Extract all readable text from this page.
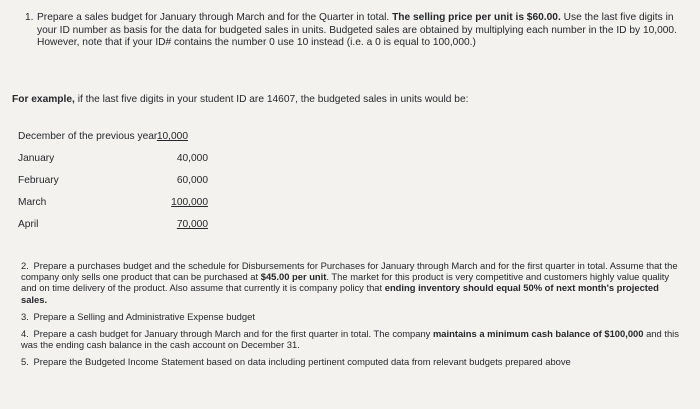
1. Prepare a sales budget for January through March and for the Quarter in total. The selling price per unit is $60.00. Use the last five digits in your ID number as basis for the data for budgeted sales in units. Budgeted sales are obtained by multiplying each number in the ID by 10,000. However, note that if your ID# contains the number 0 use 10 instead (i.e. a 0 is equal to 100,000.)
For example, if the last five digits in your student ID are 14607, the budgeted sales in units would be:
December of the previous year 10,000
January	40,000
February	60,000
March	100,000
April	70,000
2. Prepare a purchases budget and the schedule for Disbursements for Purchases for January through March and for the first quarter in total. Assume that the company only sells one product that can be purchased at $45.00 per unit. The market for this product is very competitive and customers highly value quality and on time delivery of the product. Also assume that currently it is company policy that ending inventory should equal 50% of next month's projected sales.
3. Prepare a Selling and Administrative Expense budget
4. Prepare a cash budget for January through March and for the first quarter in total. The company maintains a minimum cash balance of $100,000 and this was the ending cash balance in the cash account on December 31.
5. Prepare the Budgeted Income Statement based on data including pertinent computed data from relevant budgets prepared above
